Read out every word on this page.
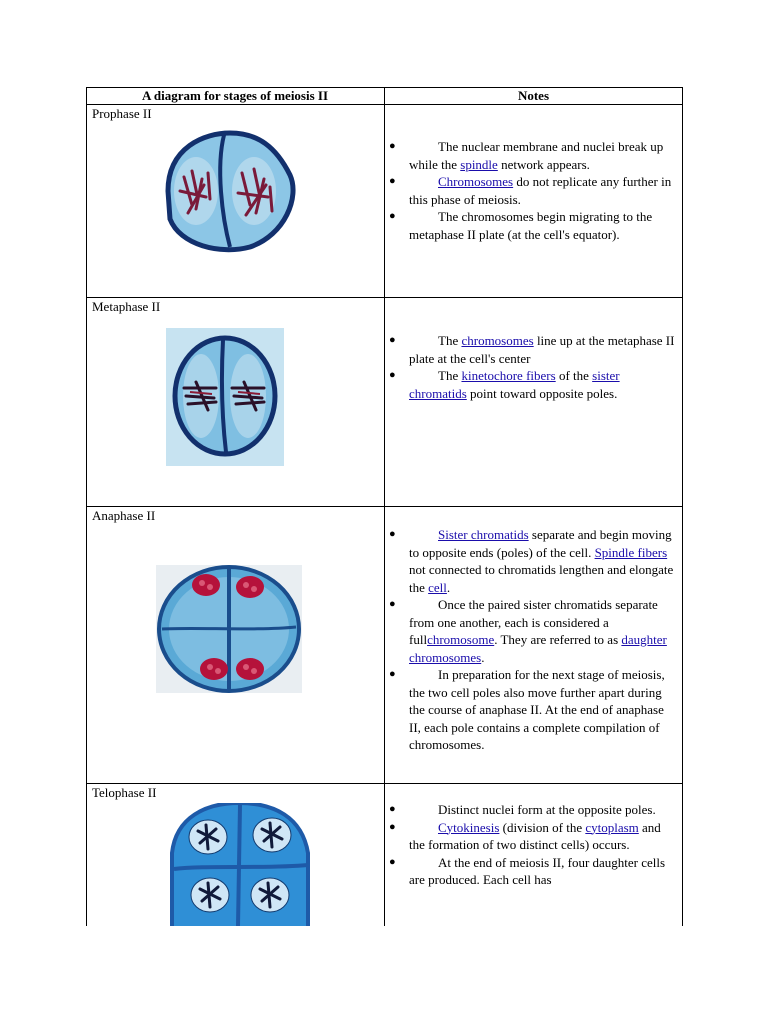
A diagram for stages of meiosis II	Notes
Prophase II
●	The nuclear membrane and nuclei break up while the spindle network appears.
●	Chromosomes do not replicate any further in this phase of meiosis.
●	The chromosomes begin migrating to the metaphase II plate (at the cell's equator).
Metaphase II
●	The chromosomes line up at the metaphase II plate at the cell's center
●	The kinetochore fibers of the sister chromatids point toward opposite poles.
Anaphase II
●	Sister chromatids separate and begin moving to opposite ends (poles) of the cell. Spindle fibers not connected to chromatids lengthen and elongate the cell.
●	Once the paired sister chromatids separate from one another, each is considered a fullchromosome. They are referred to as daughter chromosomes.
●	In preparation for the next stage of meiosis, the two cell poles also move further apart during the course of anaphase II. At the end of anaphase II, each pole contains a complete compilation of chromosomes.
Telophase II
●	Distinct nuclei form at the opposite poles.
●	Cytokinesis (division of the cytoplasm and the formation of two distinct cells) occurs.
●	At the end of meiosis II, four daughter cells are produced. Each cell has
